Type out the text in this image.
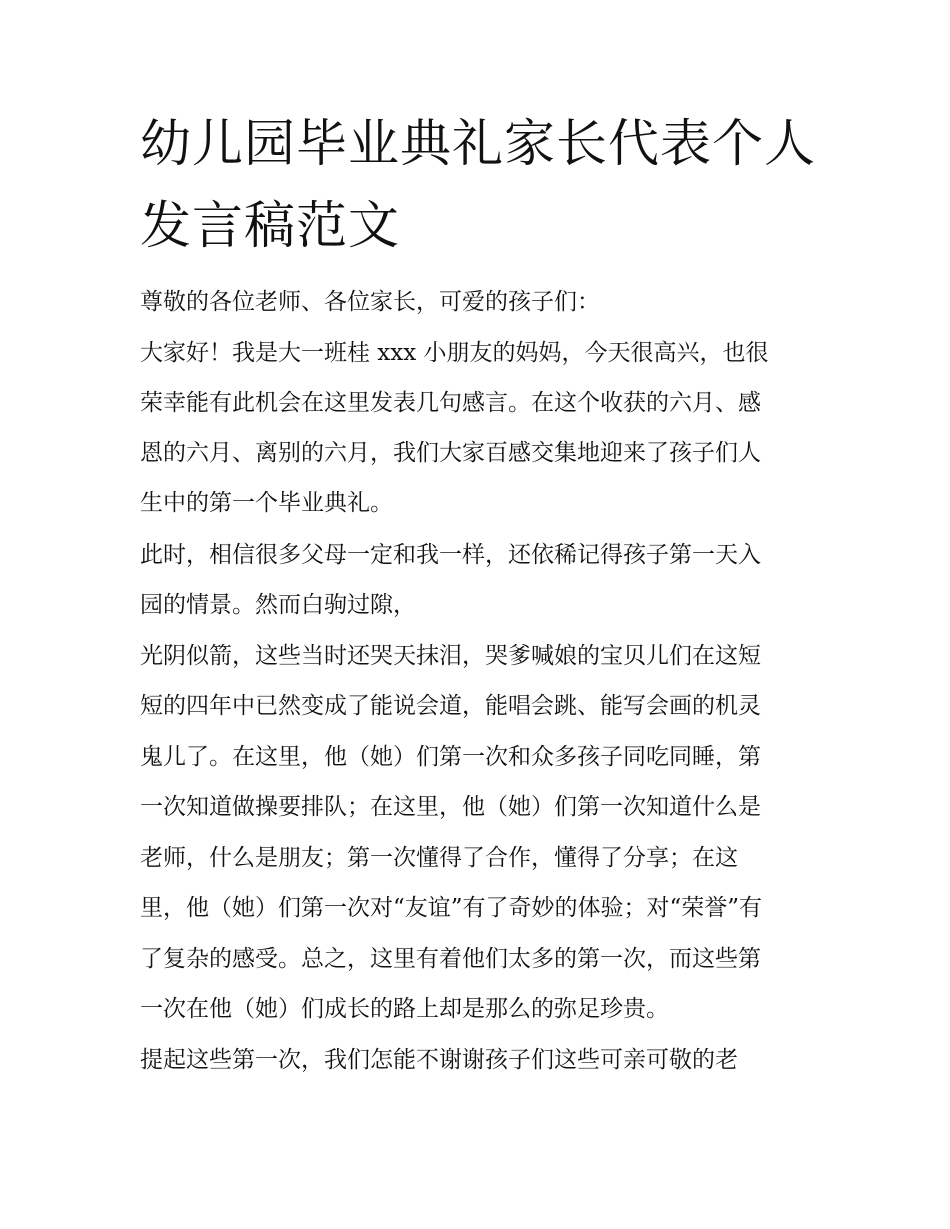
幼儿园毕业典礼家长代表个人
发言稿范文
尊敬的各位老师、各位家长，可爱的孩子们：
大家好！我是大一班桂 xxx 小朋友的妈妈，今天很高兴，也很
荣幸能有此机会在这里发表几句感言。在这个收获的六月、感
恩的六月、离别的六月，我们大家百感交集地迎来了孩子们人
生中的第一个毕业典礼。
此时，相信很多父母一定和我一样，还依稀记得孩子第一天入
园的情景。然而白驹过隙，
光阴似箭，这些当时还哭天抹泪，哭爹喊娘的宝贝儿们在这短
短的四年中已然变成了能说会道，能唱会跳、能写会画的机灵
鬼儿了。在这里，他（她）们第一次和众多孩子同吃同睡，第
一次知道做操要排队；在这里，他（她）们第一次知道什么是
老师，什么是朋友；第一次懂得了合作，懂得了分享；在这
里，他（她）们第一次对“友谊”有了奇妙的体验；对“荣誉”有
了复杂的感受。总之，这里有着他们太多的第一次，而这些第
一次在他（她）们成长的路上却是那么的弥足珍贵。
提起这些第一次，我们怎能不谢谢孩子们这些可亲可敬的老
